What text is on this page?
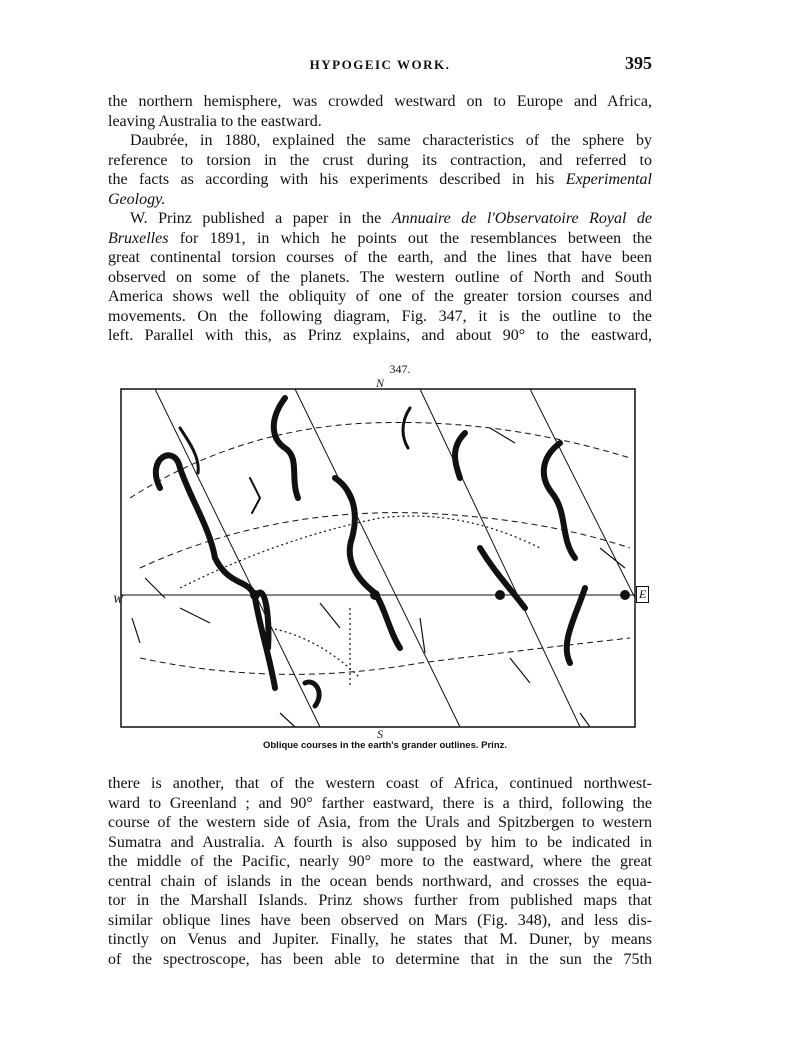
HYPOGEIC WORK.	395
the northern hemisphere, was crowded westward on to Europe and Africa,
leaving Australia to the eastward.
Daubrée, in 1880, explained the same characteristics of the sphere by
reference to torsion in the crust during its contraction, and referred to
the facts as according with his experiments described in his Experimental
Geology.
W. Prinz published a paper in the Annuaire de l'Observatoire Royal de
Bruxelles for 1891, in which he points out the resemblances between the
great continental torsion courses of the earth, and the lines that have been
observed on some of the planets. The western outline of North and South
America shows well the obliquity of one of the greater torsion courses and
movements. On the following diagram, Fig. 347, it is the outline to the
left. Parallel with this, as Prinz explains, and about 90° to the eastward,
347.
N
W	E
S
Oblique courses in the earth's grander outlines. Prinz.
there is another, that of the western coast of Africa, continued northwest-
ward to Greenland ; and 90° farther eastward, there is a third, following the
course of the western side of Asia, from the Urals and Spitzbergen to western
Sumatra and Australia. A fourth is also supposed by him to be indicated in
the middle of the Pacific, nearly 90° more to the eastward, where the great
central chain of islands in the ocean bends northward, and crosses the equa-
tor in the Marshall Islands. Prinz shows further from published maps that
similar oblique lines have been observed on Mars (Fig. 348), and less dis-
tinctly on Venus and Jupiter. Finally, he states that M. Duner, by means
of the spectroscope, has been able to determine that in the sun the 75th
